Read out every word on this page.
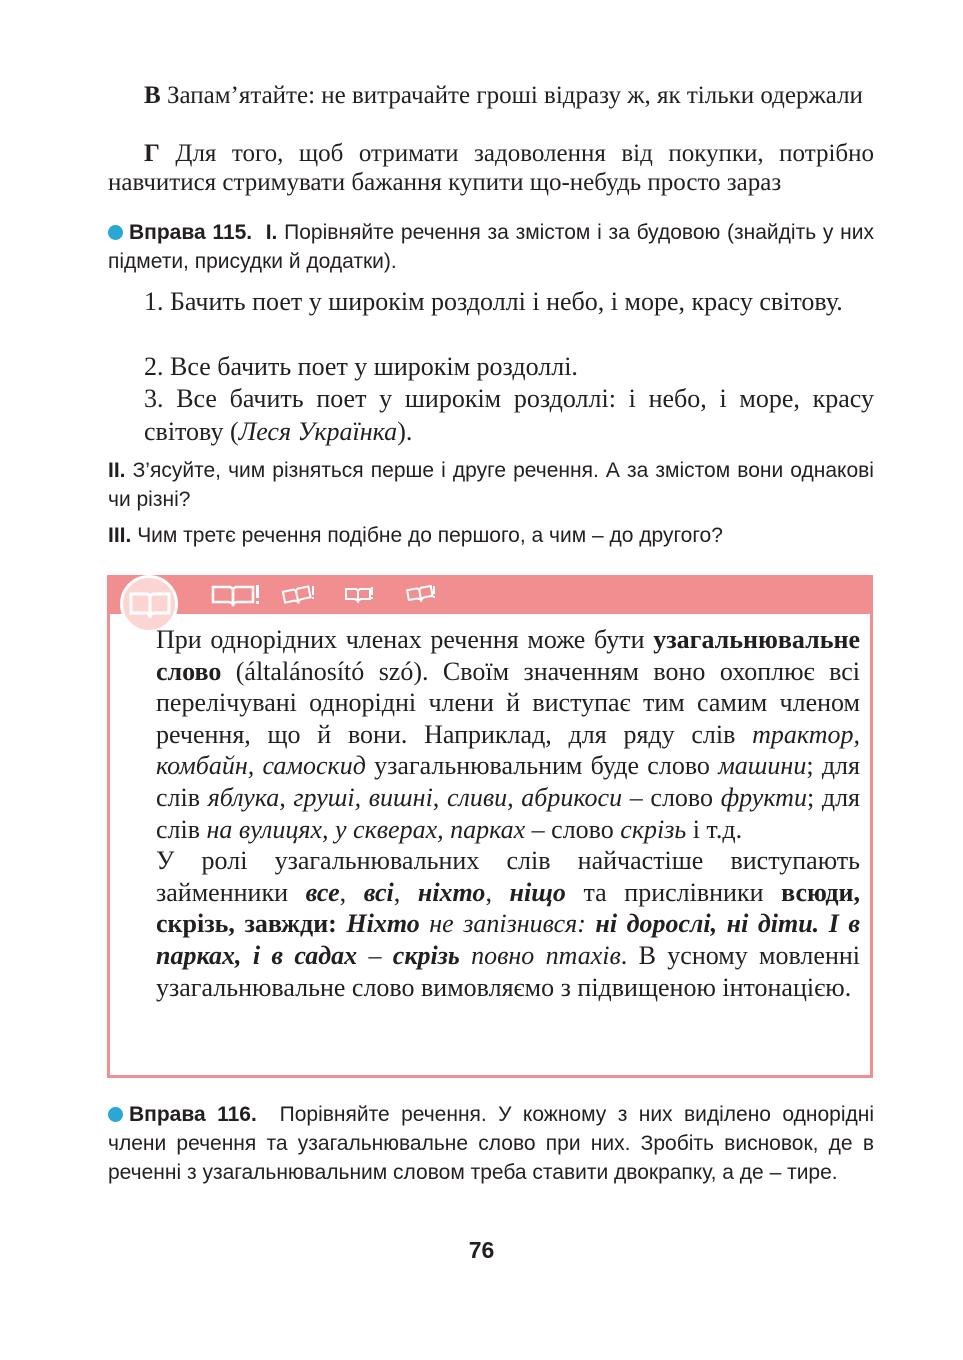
В Запам’ятайте: не витрачайте гроші відразу ж, як тільки одержали
Г Для того, щоб отримати задоволення від покупки, потрібно навчитися стримувати бажання купити що-небудь просто зараз
Вправа 115. І. Порівняйте речення за змістом і за будовою (знайдіть у них підмети, присудки й додатки).
1. Бачить поет у широкім роздоллі і небо, і море, красу світову.
2. Все бачить поет у широкім роздоллі.
3. Все бачить поет у широкім роздоллі: і небо, і море, красу світову (Леся Українка).
ІІ. З’ясуйте, чим різняться перше і друге речення. А за змістом вони однакові чи різні?
ІІІ. Чим третє речення подібне до першого, а чим – до другого?

При однорідних членах речення може бути узагальнювальне слово (általánosító szó). Своїм значенням воно охоплює всі перелічувані однорідні члени й виступає тим самим членом речення, що й вони. Наприклад, для ряду слів трактор, комбайн, самоскид узагальнювальним буде слово машини; для слів яблука, груші, вишні, сливи, абрикоси – слово фрукти; для слів на вулицях, у скверах, парках – слово скрізь і т.д.

У ролі узагальнювальних слів найчастіше виступають займенники все, всі, ніхто, ніщо та прислівники всюди, скрізь, завжди: Ніхто не запізнився: ні дорослі, ні діти. І в парках, і в садах – скрізь повно птахів. В усному мовленні узагальнювальне слово вимовляємо з підвищеною інтонацією.

Вправа 116. Порівняйте речення. У кожному з них виділено однорідні члени речення та узагальнювальне слово при них. Зробіть висновок, де в реченні з узагальнювальним словом треба ставити двокрапку, а де – тире.
76
